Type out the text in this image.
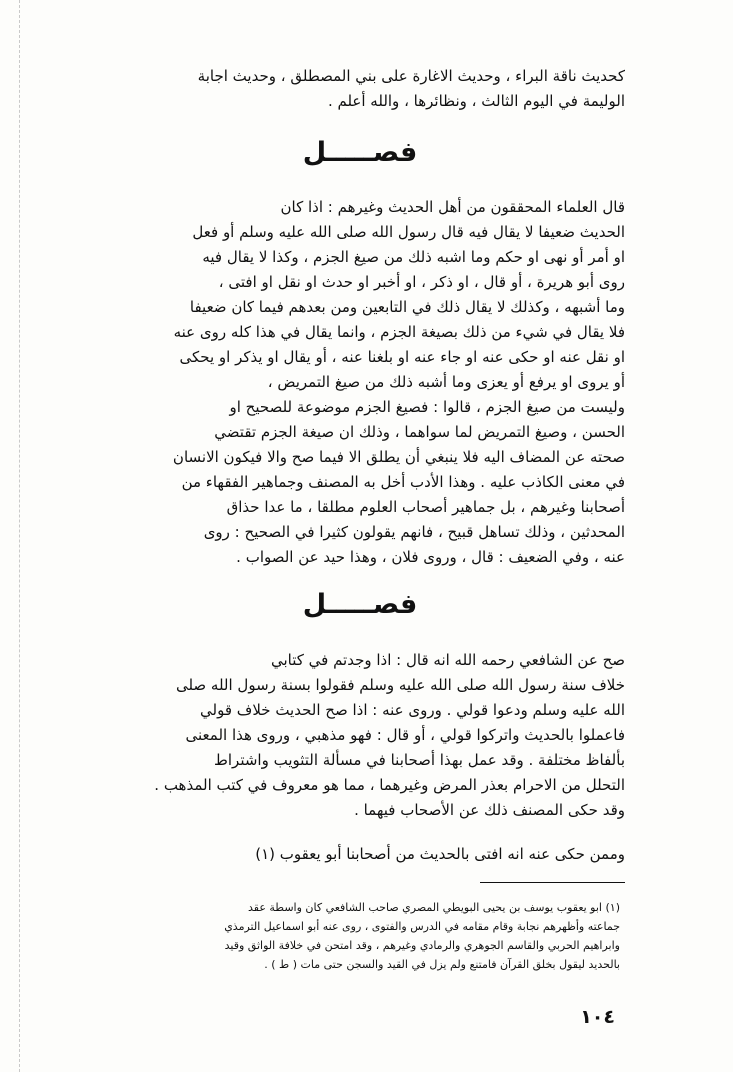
كحديث ناقة البراء ، وحديث الاغارة على بني المصطلق ، وحديث اجابة
الوليمة في اليوم الثالث ، ونظائرها ، والله أعلم .
فصـــــل
قال العلماء المحققون من أهل الحديث وغيرهم : اذا كان
الحديث ضعيفا لا يقال فيه قال رسول الله صلى الله عليه وسلم أو فعل
او أمر أو نهى او حكم وما اشبه ذلك من صيغ الجزم ، وكذا لا يقال فيه
روى أبو هريرة ، أو قال ، او ذكر ، او أخبر او حدث او نقل او افتى ،
وما أشبهه ، وكذلك لا يقال ذلك في التابعين ومن بعدهم فيما كان ضعيفا
فلا يقال في شيء من ذلك بصيغة الجزم ، وانما يقال في هذا كله روى عنه
او نقل عنه او حكى عنه او جاء عنه او بلغنا عنه ، أو يقال او يذكر او يحكى
أو يروى او يرفع أو يعزى وما أشبه ذلك من صيغ التمريض ،
وليست من صيغ الجزم ، قالوا : فصيغ الجزم موضوعة للصحيح او
الحسن ، وصيغ التمريض لما سواهما ، وذلك ان صيغة الجزم تقتضي
صحته عن المضاف اليه فلا ينبغي أن يطلق الا فيما صح والا فيكون الانسان
في معنى الكاذب عليه . وهذا الأدب أخل به المصنف وجماهير الفقهاء من
أصحابنا وغيرهم ، بل جماهير أصحاب العلوم مطلقا ، ما عدا حذاق
المحدثين ، وذلك تساهل قبيح ، فانهم يقولون كثيرا في الصحيح : روى
عنه ، وفي الضعيف : قال ، وروى فلان ، وهذا حيد عن الصواب .
فصـــــل
صح عن الشافعي رحمه الله انه قال : اذا وجدتم في كتابي
خلاف سنة رسول الله صلى الله عليه وسلم فقولوا بسنة رسول الله صلى
الله عليه وسلم ودعوا قولي . وروى عنه : اذا صح الحديث خلاف قولي
فاعملوا بالحديث واتركوا قولي ، أو قال : فهو مذهبي ، وروى هذا المعنى
بألفاظ مختلفة . وقد عمل بهذا أصحابنا في مسألة التثويب واشتراط
التحلل من الاحرام بعذر المرض وغيرهما ، مما هو معروف في كتب المذهب .
وقد حكى المصنف ذلك عن الأصحاب فيهما .
وممن حكى عنه انه افتى بالحديث من أصحابنا أبو يعقوب (١)
(١) ابو يعقوب يوسف بن يحيى البويطي المصري صاحب الشافعي كان واسطة عقد
جماعته وأظهرهم نجابة وقام مقامه في الدرس والفتوى ، روى عنه أبو اسماعيل الترمذي
وابراهيم الحربي والقاسم الجوهري والرمادي وغيرهم ، وقد امتحن في خلافة الواثق وقيد
بالحديد ليقول بخلق القرآن فامتنع ولم يزل في القيد والسجن حتى مات ( ط ) .
١٠٤
